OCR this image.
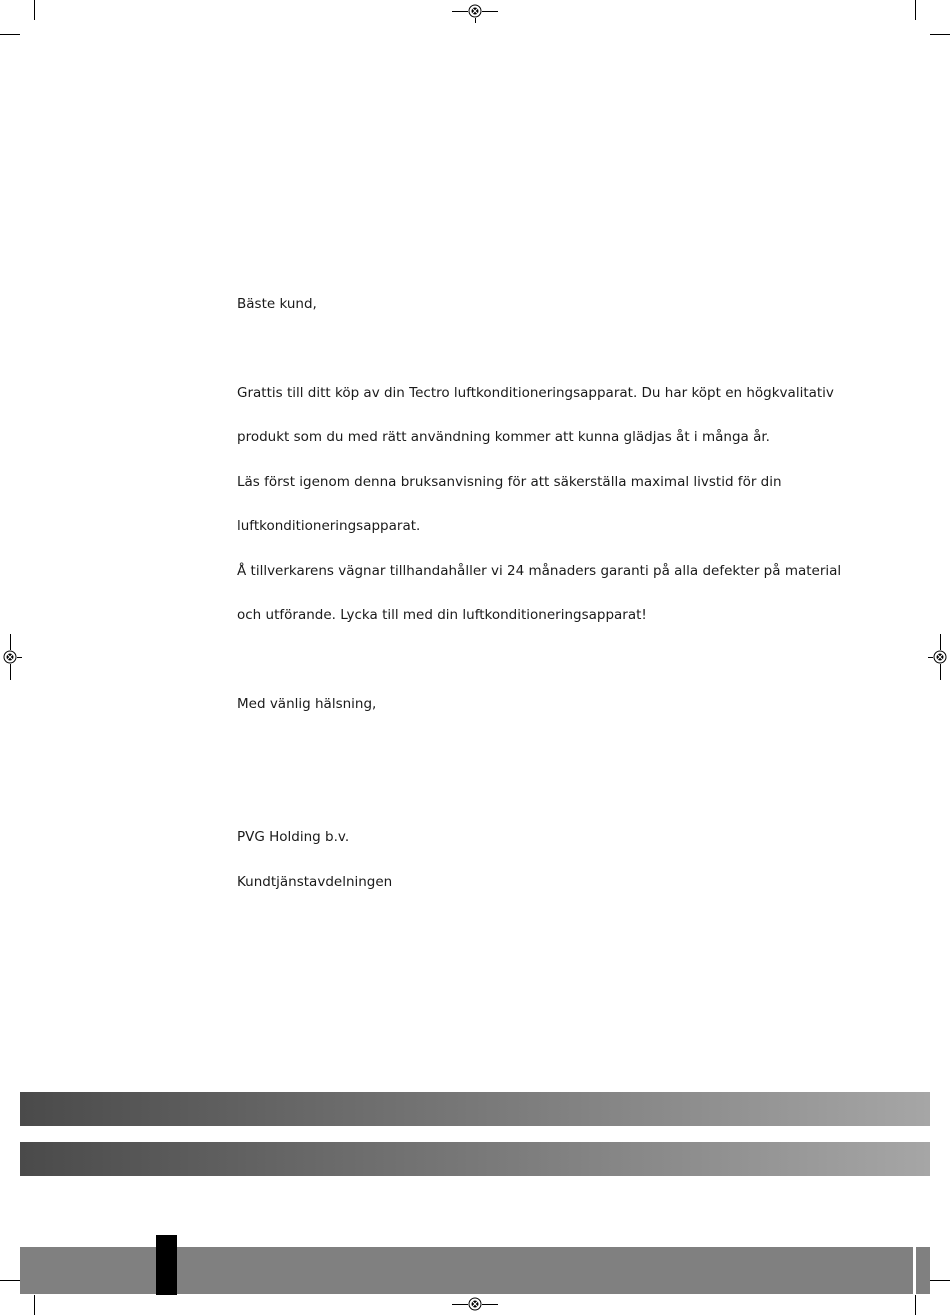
Bäste kund,
Grattis till ditt köp av din Tectro luftkonditioneringsapparat. Du har köpt en högkvalitativ
produkt som du med rätt användning kommer att kunna glädjas åt i många år.
Läs först igenom denna bruksanvisning för att säkerställa maximal livstid för din
luftkonditioneringsapparat.
Å tillverkarens vägnar tillhandahåller vi 24 månaders garanti på alla defekter på material
och utförande. Lycka till med din luftkonditioneringsapparat!
Med vänlig hälsning,
PVG Holding b.v.
Kundtjänstavdelningen
